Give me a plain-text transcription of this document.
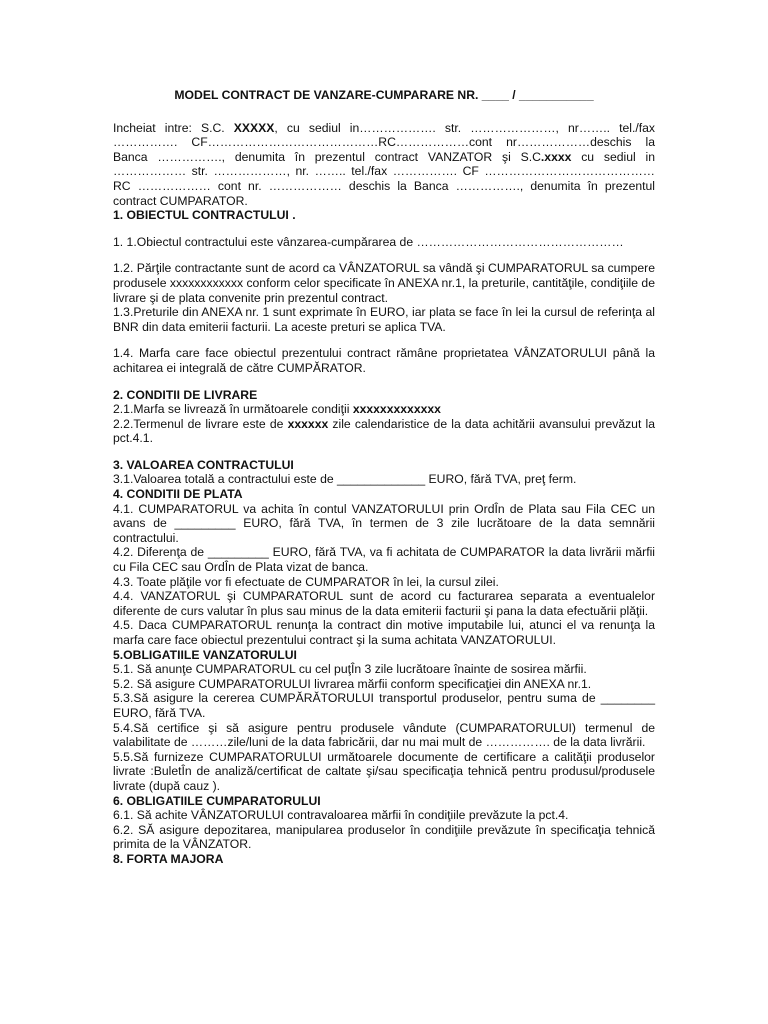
MODEL CONTRACT DE VANZARE-CUMPARARE NR. ____ / ___________

Incheiat intre: S.C. XXXXX, cu sediul in………………. str. …………………, nr…….. tel./fax ……………. CF……………………………………RC………………cont nr………………deschis la Banca ……………., denumita în prezentul contract VANZATOR şi S.C.xxxx cu sediul in ……………… str. ………………, nr. …….. tel./fax ……………. CF …………………………………… RC ……………… cont nr. ……………… deschis la Banca ……………., denumita în prezentul contract CUMPARATOR.

1. OBIECTUL CONTRACTULUI .

1. 1.Obiectul contractului este vânzarea-cumpărarea de ……………………………………………

1.2. Părţile contractante sunt de acord ca VÂNZATORUL sa vândă şi CUMPARATORUL sa cumpere produsele xxxxxxxxxxxx conform celor specificate în ANEXA nr.1, la preturile, cantităţile, condiţiile de livrare şi de plata convenite prin prezentul contract.

1.3.Preturile din ANEXA nr. 1 sunt exprimate în EURO, iar plata se face în lei la cursul de referinţa al BNR din data emiterii facturii. La aceste preturi se aplica TVA.

1.4. Marfa care face obiectul prezentului contract rămâne proprietatea VÂNZATORULUI până la achitarea ei integrală de către CUMPĂRATOR.

2. CONDITII DE LIVRARE

2.1.Marfa se livrează în următoarele condiţii xxxxxxxxxxxxx

2.2.Termenul de livrare este de xxxxxx zile calendaristice de la data achitării avansului prevăzut la pct.4.1.

3. VALOAREA CONTRACTULUI

3.1.Valoarea totală a contractului este de _____________ EURO, fără TVA, preţ ferm.

4. CONDITII DE PLATA

4.1. CUMPARATORUL va achita în contul VANZATORULUI prin OrdÎn de Plata sau Fila CEC un avans de _________ EURO, fără TVA, în termen de 3 zile lucrătoare de la data semnării contractului.

4.2. Diferenţa de _________ EURO, fără TVA, va fi achitata de CUMPARATOR la data livrării mărfii cu Fila CEC sau OrdÎn de Plata vizat de banca.

4.3. Toate plăţile vor fi efectuate de CUMPARATOR în lei, la cursul zilei.

4.4. VANZATORUL şi CUMPARATORUL sunt de acord cu facturarea separata a eventualelor diferente de curs valutar în plus sau minus de la data emiterii facturii şi pana la data efectuării plăţii.

4.5. Daca CUMPARATORUL renunţa la contract din motive imputabile lui, atunci el va renunţa la marfa care face obiectul prezentului contract şi la suma achitata VANZATORULUI.

5.OBLIGATIILE VANZATORULUI

5.1. Să anunţe CUMPARATORUL cu cel puţÎn 3 zile lucrătoare înainte de sosirea mărfii.

5.2. Să asigure CUMPARATORULUI livrarea mărfii conform specificaţiei din ANEXA nr.1.

5.3.Să asigure la cererea CUMPĂRĂTORULUI transportul produselor, pentru suma de ________ EURO, fără TVA.

5.4.Să certifice şi să asigure pentru produsele vândute (CUMPARATORULUI) termenul de valabilitate de ………zile/luni de la data fabricării, dar nu mai mult de ……………. de la data livrării.

5.5.Să furnizeze CUMPARATORULUI următoarele documente de certificare a calităţii produselor livrate :BuletÎn de analiză/certificat de caltate şi/sau specificaţia tehnică pentru produsul/produsele livrate (după cauz ).

6. OBLIGATIILE CUMPARATORULUI

6.1. Să achite VÂNZATORULUI contravaloarea mărfii în condiţiile prevăzute la pct.4.

6.2. SĂ asigure depozitarea, manipularea produselor în condiţiile prevăzute în specificaţia tehnică primita de la VÂNZATOR.

8. FORTA MAJORA
